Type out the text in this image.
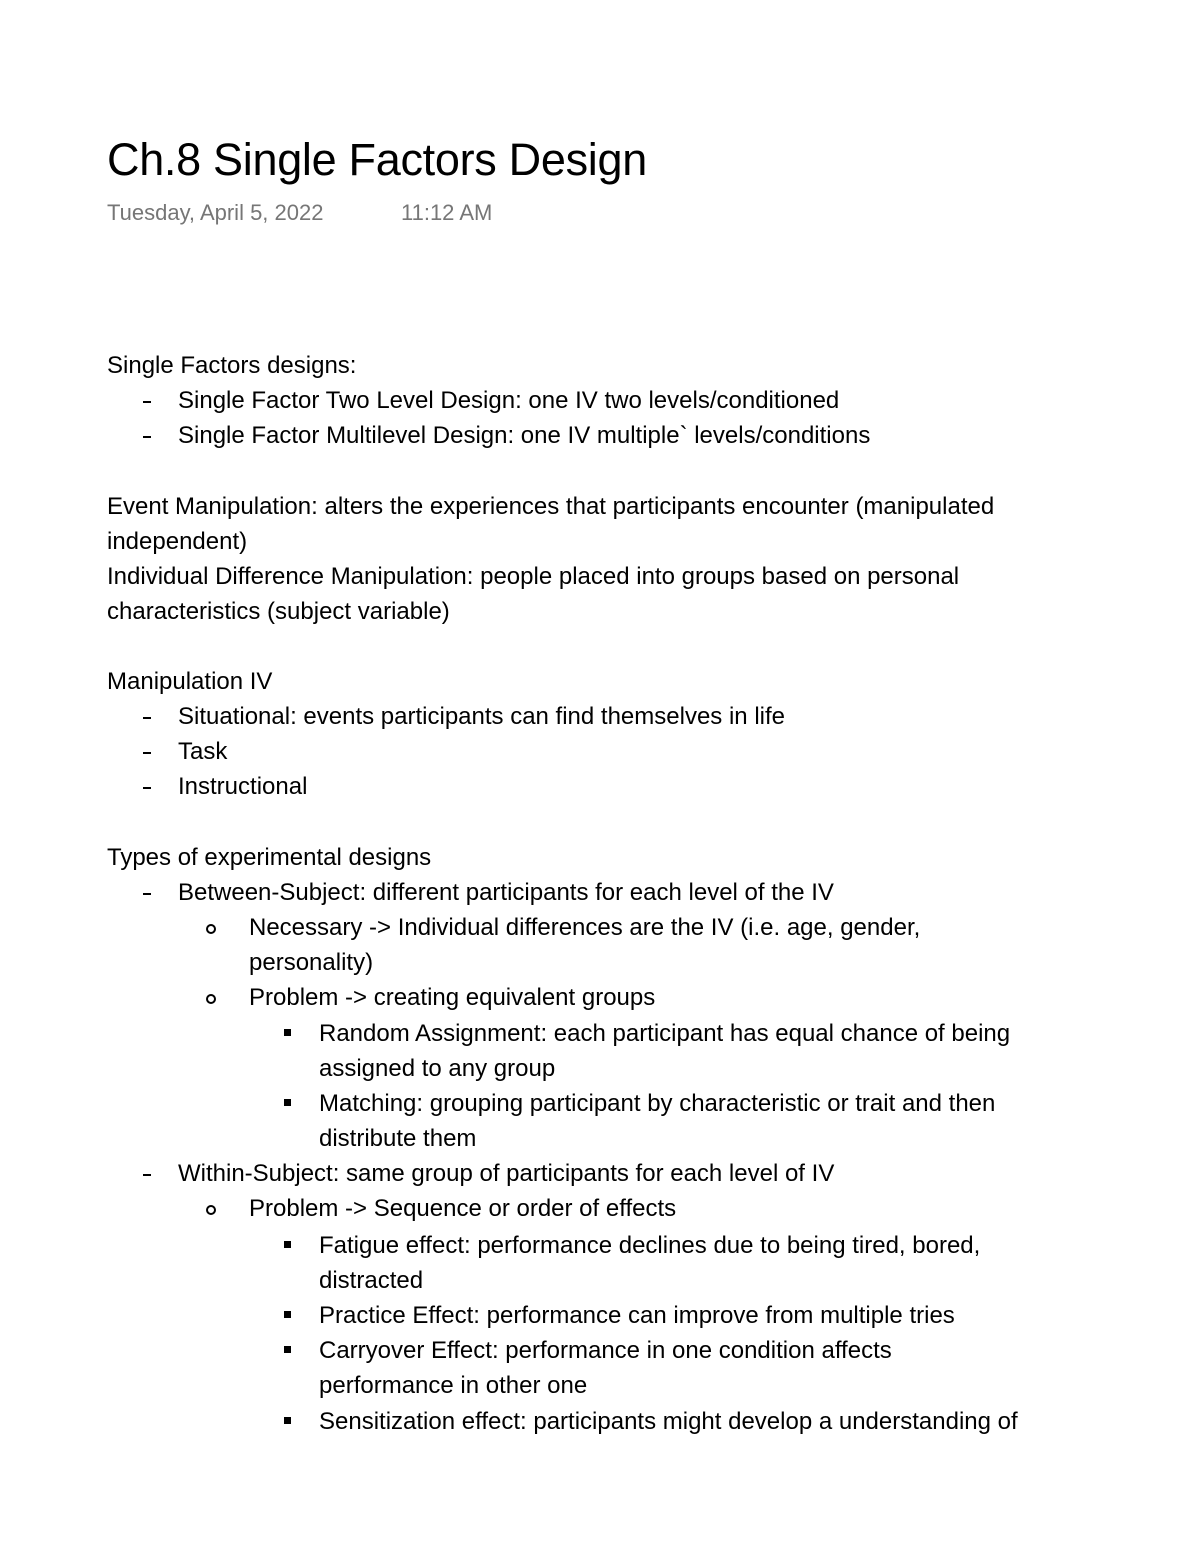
Ch.8 Single Factors Design
Tuesday, April 5, 2022	11:12 AM
Single Factors designs:
Single Factor Two Level Design: one IV two levels/conditioned
Single Factor Multilevel Design: one IV multiple` levels/conditions
Event Manipulation: alters the experiences that participants encounter (manipulated
independent)
Individual Difference Manipulation: people placed into groups based on personal
characteristics (subject variable)
Manipulation IV
Situational: events participants can find themselves in life
Task
Instructional
Types of experimental designs
Between-Subject: different participants for each level of the IV
Necessary -> Individual differences are the IV (i.e. age, gender,
personality)
Problem -> creating equivalent groups
Random Assignment: each participant has equal chance of being
assigned to any group
Matching: grouping participant by characteristic or trait and then
distribute them
Within-Subject: same group of participants for each level of IV
Problem -> Sequence or order of effects
Fatigue effect: performance declines due to being tired, bored,
distracted
Practice Effect: performance can improve from multiple tries
Carryover Effect: performance in one condition affects
performance in other one
Sensitization effect: participants might develop a understanding of
